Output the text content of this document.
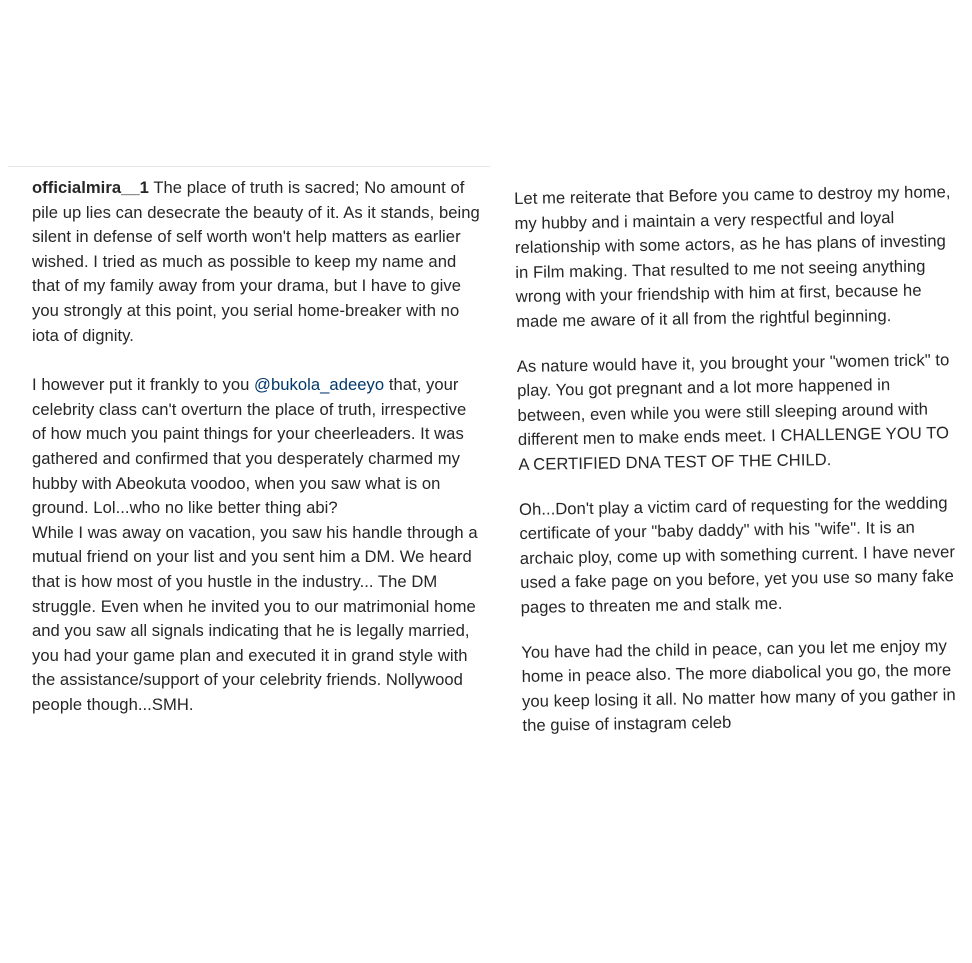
officialmira__1 The place of truth is sacred; No amount of pile up lies can desecrate the beauty of it. As it stands, being silent in defense of self worth won't help matters as earlier wished. I tried as much as possible to keep my name and that of my family away from your drama, but I have to give you strongly at this point, you serial home-breaker with no iota of dignity.

I however put it frankly to you @bukola_adeeyo that, your celebrity class can't overturn the place of truth, irrespective of how much you paint things for your cheerleaders. It was gathered and confirmed that you desperately charmed my hubby with Abeokuta voodoo, when you saw what is on ground. Lol...who no like better thing abi?

While I was away on vacation, you saw his handle through a mutual friend on your list and you sent him a DM. We heard that is how most of you hustle in the industry... The DM struggle. Even when he invited you to our matrimonial home and you saw all signals indicating that he is legally married, you had your game plan and executed it in grand style with the assistance/support of your celebrity friends. Nollywood people though...SMH.

Let me reiterate that Before you came to destroy my home, my hubby and i maintain a very respectful and loyal relationship with some actors, as he has plans of investing in Film making. That resulted to me not seeing anything wrong with your friendship with him at first, because he made me aware of it all from the rightful beginning.

As nature would have it, you brought your "women trick" to play. You got pregnant and a lot more happened in between, even while you were still sleeping around with different men to make ends meet. I CHALLENGE YOU TO A CERTIFIED DNA TEST OF THE CHILD.

Oh...Don't play a victim card of requesting for the wedding certificate of your "baby daddy" with his "wife". It is an archaic ploy, come up with something current. I have never used a fake page on you before, yet you use so many fake pages to threaten me and stalk me.

You have had the child in peace, can you let me enjoy my home in peace also. The more diabolical you go, the more you keep losing it all. No matter how many of you gather in the guise of instagram celeb
